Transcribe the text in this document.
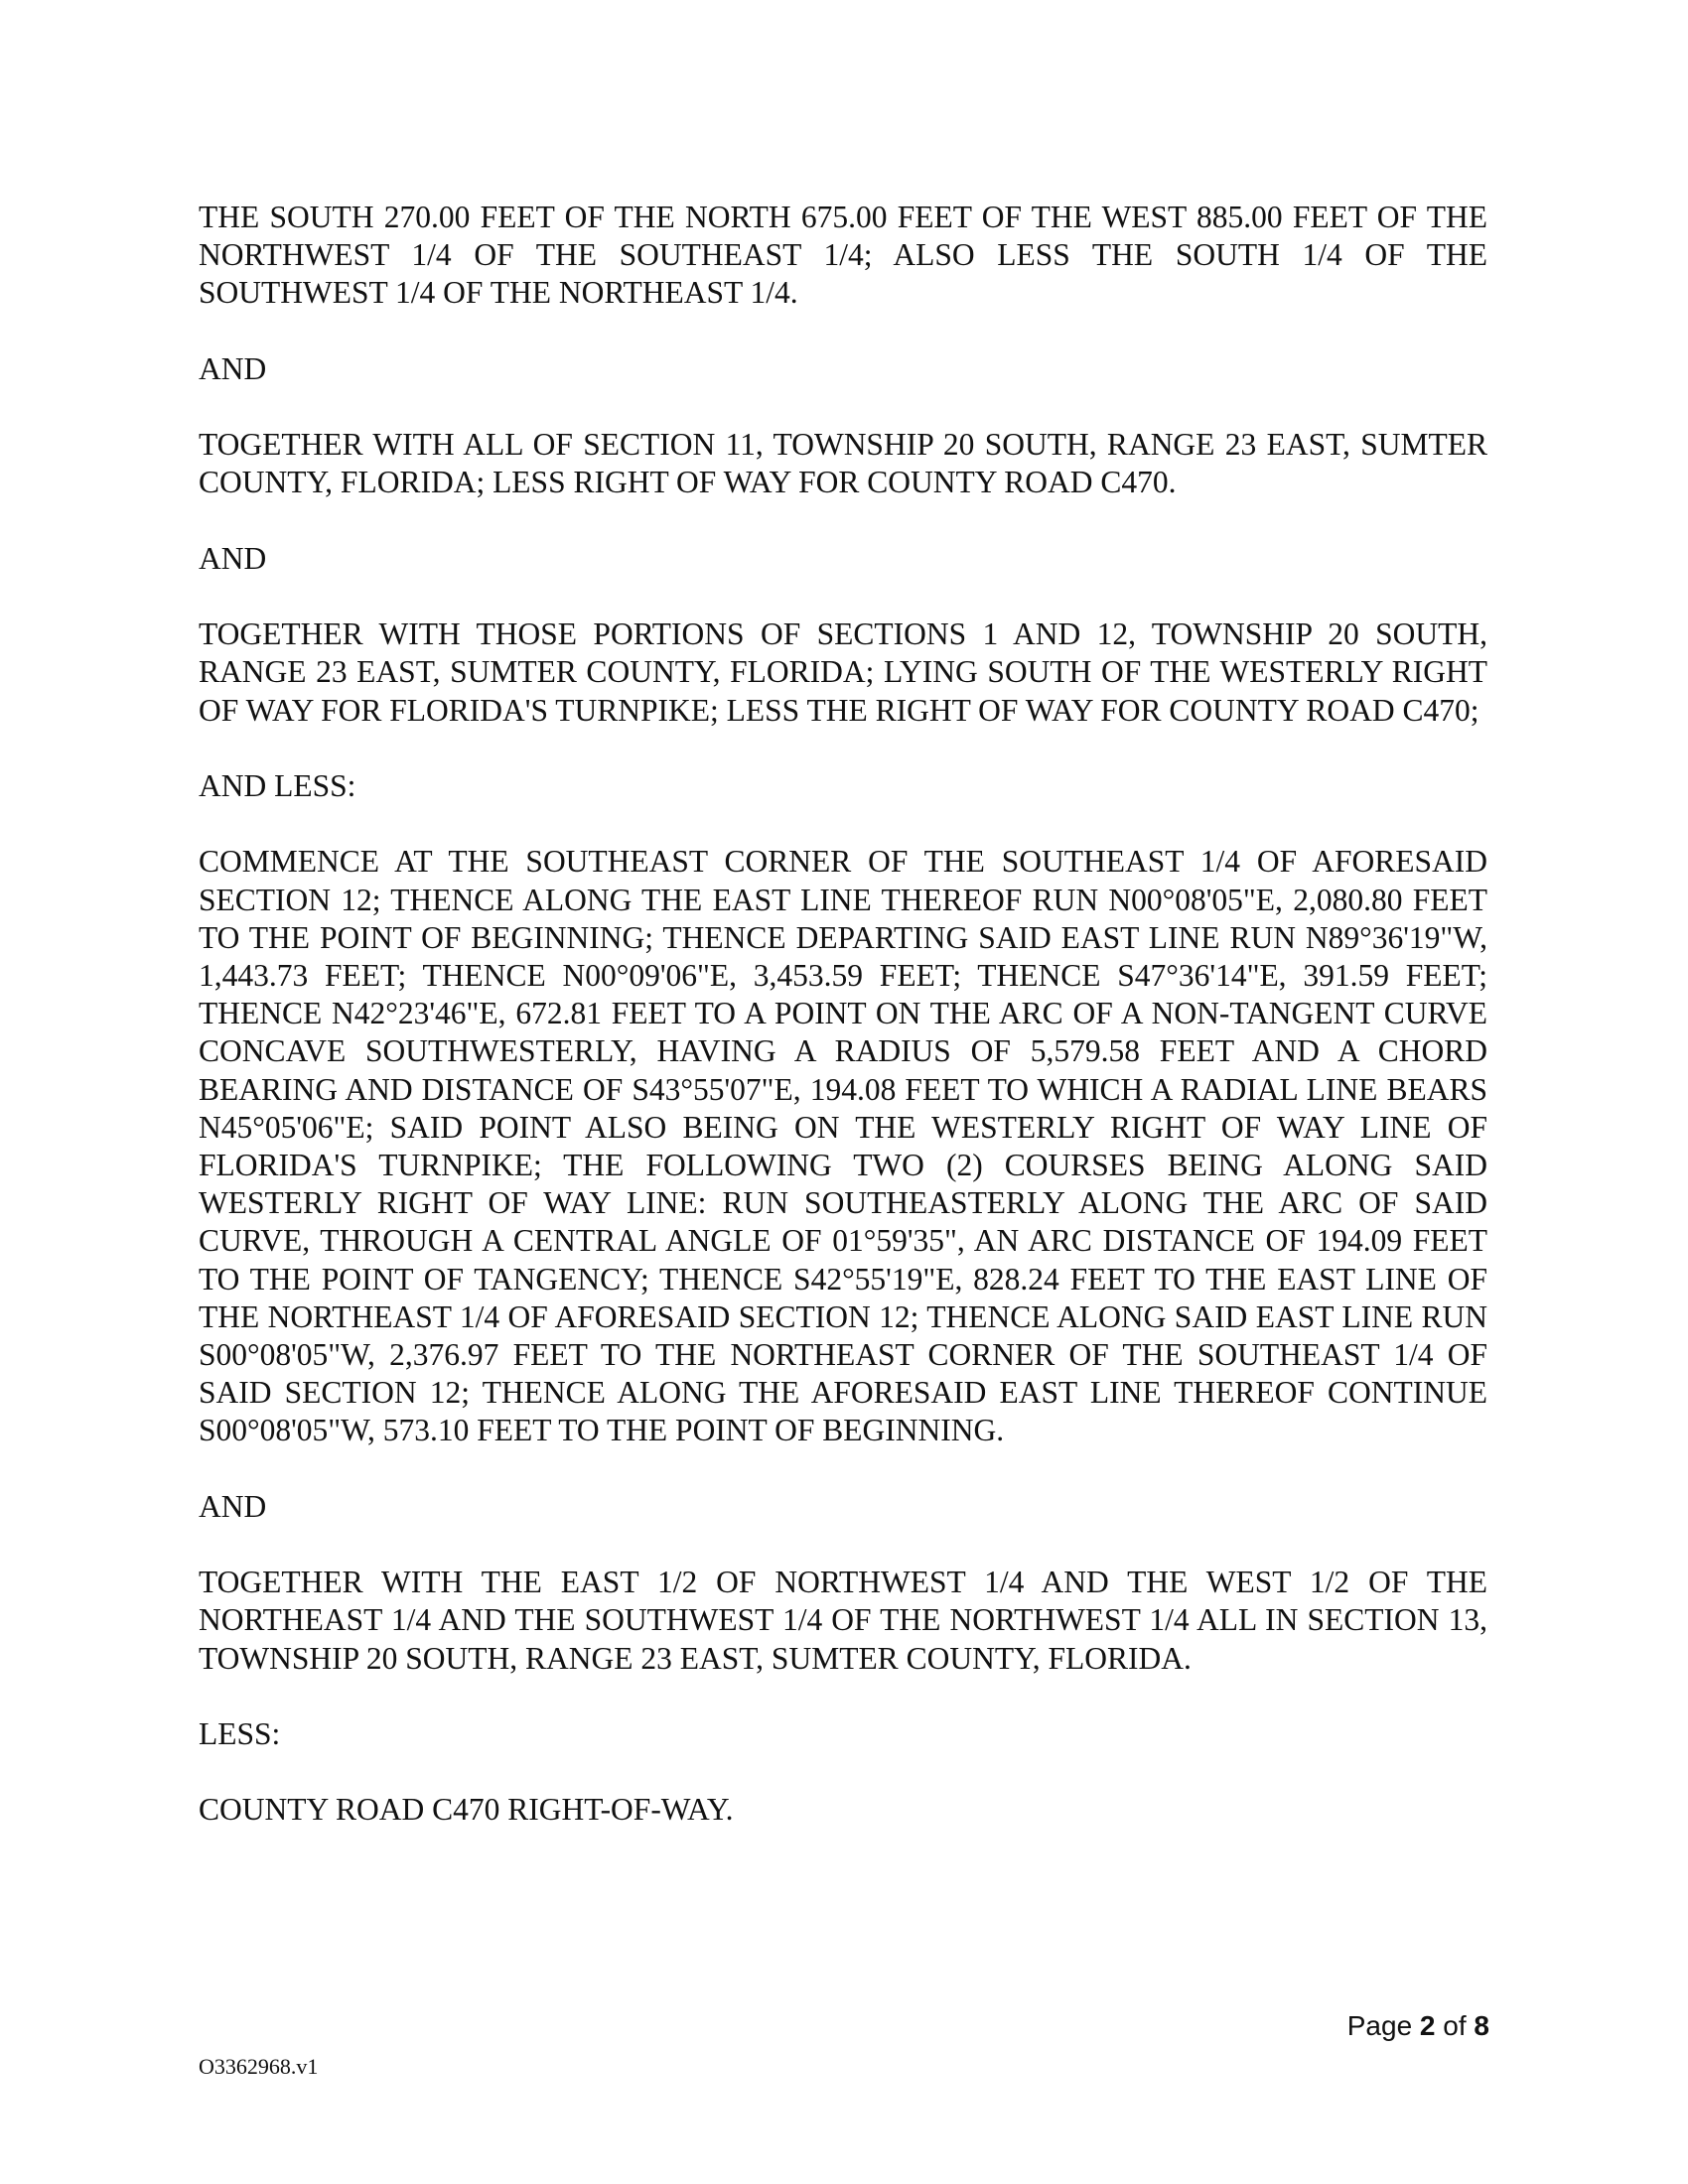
THE SOUTH 270.00 FEET OF THE NORTH 675.00 FEET OF THE WEST 885.00 FEET OF THE NORTHWEST 1/4 OF THE SOUTHEAST 1/4; ALSO LESS THE SOUTH 1/4 OF THE SOUTHWEST 1/4 OF THE NORTHEAST 1/4.

AND

TOGETHER WITH ALL OF SECTION 11, TOWNSHIP 20 SOUTH, RANGE 23 EAST, SUMTER COUNTY, FLORIDA; LESS RIGHT OF WAY FOR COUNTY ROAD C470.

AND

TOGETHER WITH THOSE PORTIONS OF SECTIONS 1 AND 12, TOWNSHIP 20 SOUTH, RANGE 23 EAST, SUMTER COUNTY, FLORIDA; LYING SOUTH OF THE WESTERLY RIGHT OF WAY FOR FLORIDA'S TURNPIKE; LESS THE RIGHT OF WAY FOR COUNTY ROAD C470;

AND LESS:

COMMENCE AT THE SOUTHEAST CORNER OF THE SOUTHEAST 1/4 OF AFORESAID SECTION 12; THENCE ALONG THE EAST LINE THEREOF RUN N00°08'05"E, 2,080.80 FEET TO THE POINT OF BEGINNING; THENCE DEPARTING SAID EAST LINE RUN N89°36'19"W, 1,443.73 FEET; THENCE N00°09'06"E, 3,453.59 FEET; THENCE S47°36'14"E, 391.59 FEET; THENCE N42°23'46"E, 672.81 FEET TO A POINT ON THE ARC OF A NON-TANGENT CURVE CONCAVE SOUTHWESTERLY, HAVING A RADIUS OF 5,579.58 FEET AND A CHORD BEARING AND DISTANCE OF S43°55'07"E, 194.08 FEET TO WHICH A RADIAL LINE BEARS N45°05'06"E; SAID POINT ALSO BEING ON THE WESTERLY RIGHT OF WAY LINE OF FLORIDA'S TURNPIKE; THE FOLLOWING TWO (2) COURSES BEING ALONG SAID WESTERLY RIGHT OF WAY LINE: RUN SOUTHEASTERLY ALONG THE ARC OF SAID CURVE, THROUGH A CENTRAL ANGLE OF 01°59'35", AN ARC DISTANCE OF 194.09 FEET TO THE POINT OF TANGENCY; THENCE S42°55'19"E, 828.24 FEET TO THE EAST LINE OF THE NORTHEAST 1/4 OF AFORESAID SECTION 12; THENCE ALONG SAID EAST LINE RUN S00°08'05"W, 2,376.97 FEET TO THE NORTHEAST CORNER OF THE SOUTHEAST 1/4 OF SAID SECTION 12; THENCE ALONG THE AFORESAID EAST LINE THEREOF CONTINUE S00°08'05"W, 573.10 FEET TO THE POINT OF BEGINNING.

AND

TOGETHER WITH THE EAST 1/2 OF NORTHWEST 1/4 AND THE WEST 1/2 OF THE NORTHEAST 1/4 AND THE SOUTHWEST 1/4 OF THE NORTHWEST 1/4 ALL IN SECTION 13, TOWNSHIP 20 SOUTH, RANGE 23 EAST, SUMTER COUNTY, FLORIDA.

LESS:

COUNTY ROAD C470 RIGHT-OF-WAY.

Page 2 of 8
O3362968.v1
